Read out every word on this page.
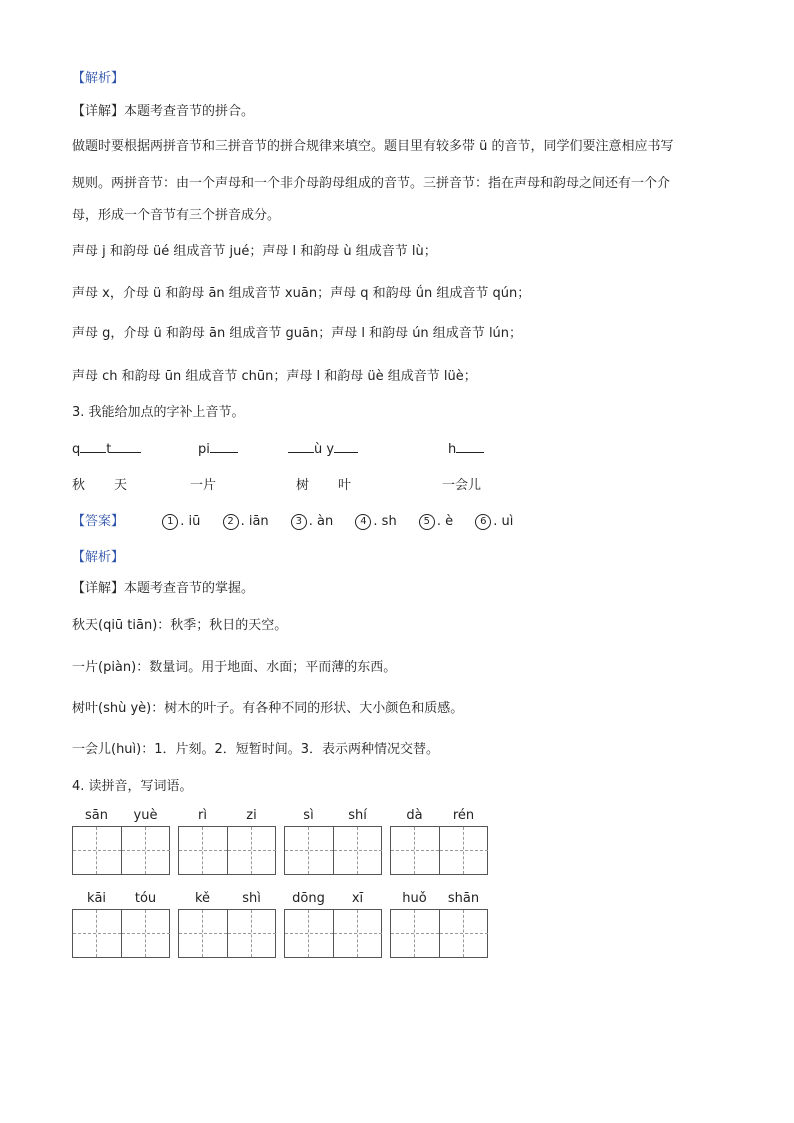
【解析】
【详解】本题考查音节的拼合。
做题时要根据两拼音节和三拼音节的拼合规律来填空。题目里有较多带 ü 的音节，同学们要注意相应书写
规则。两拼音节：由一个声母和一个非介母韵母组成的音节。三拼音节：指在声母和韵母之间还有一个介
母，形成一个音节有三个拼音成分。
声母 j 和韵母 üé 组成音节 jué；声母 l 和韵母 ù 组成音节 lù；
声母 x，介母 ü 和韵母 ān 组成音节 xuān；声母 q 和韵母 ǘn 组成音节 qún；
声母 g，介母 ü 和韵母 ān 组成音节 guān；声母 l 和韵母 ún 组成音节 lún；
声母 ch 和韵母 ūn 组成音节 chūn；声母 l 和韵母 üè 组成音节 lüè；
3. 我能给加点的字补上音节。
q t	pi	ù y	h
秋 天	一片	树 叶	一会儿
【答案】	1 . iū	2 . iān	3 . àn	4 . sh	5 . è	6 . uì
【解析】
【详解】本题考查音节的掌握。
秋天(qiū tiān)：秋季；秋日的天空。
一片(piàn)：数量词。用于地面、水面；平而薄的东西。
树叶(shù yè)：树木的叶子。有各种不同的形状、大小颜色和质感。
一会儿(huì)：1．片刻。2．短暂时间。3．表示两种情况交替。
4. 读拼音，写词语。
sān	yuè	rì	zi	sì	shí	dà	rén
kāi	tóu	kě	shì	dōng	xī	huǒ	shān
